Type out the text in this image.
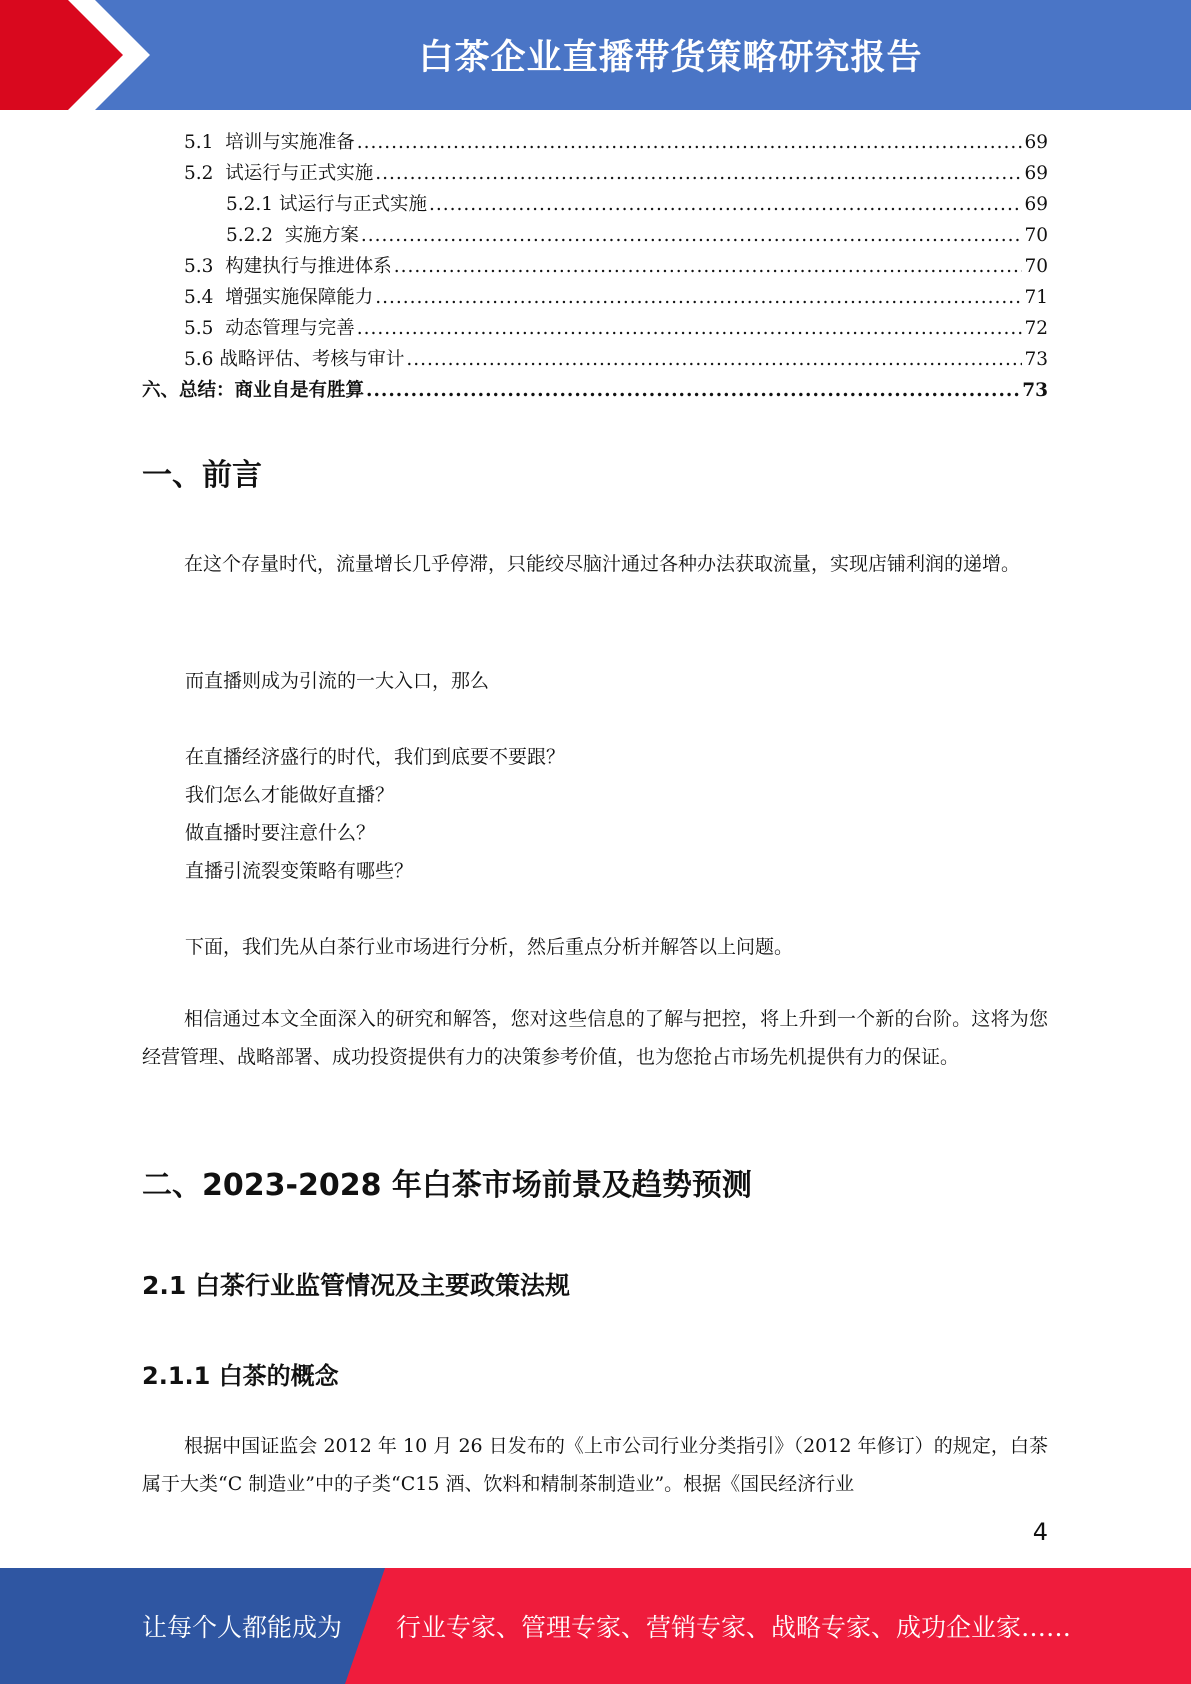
白茶企业直播带货策略研究报告
5.1 培训与实施准备 .....	69
5.2 试运行与正式实施 .....	69
5.2.1 试运行与正式实施 .....	69
5.2.2 实施方案 .....	70
5.3 构建执行与推进体系 .....	70
5.4 增强实施保障能力 .....	71
5.5 动态管理与完善 .....	72
5.6 战略评估、考核与审计 .....	73
六、总结：商业自是有胜算 .....	73
一、前言

在这个存量时代，流量增长几乎停滞，只能绞尽脑汁通过各种办法获取流量，实现店铺利润的递增。

而直播则成为引流的一大入口，那么
在直播经济盛行的时代，我们到底要不要跟？
我们怎么才能做好直播？
做直播时要注意什么？
直播引流裂变策略有哪些？
下面，我们先从白茶行业市场进行分析，然后重点分析并解答以上问题。

相信通过本文全面深入的研究和解答，您对这些信息的了解与把控，将上升到一个新的台阶。这将为您经营管理、战略部署、成功投资提供有力的决策参考价值，也为您抢占市场先机提供有力的保证。

二、2023-2028 年白茶市场前景及趋势预测
2.1 白茶行业监管情况及主要政策法规
2.1.1 白茶的概念

根据中国证监会 2012 年 10 月 26 日发布的《上市公司行业分类指引》（2012 年修订）的规定，白茶属于大类“C 制造业”中的子类“C15 酒、饮料和精制茶制造业”。根据《国民经济行业

4
让每个人都能成为 行业专家、管理专家、营销专家、战略专家、成功企业家……
